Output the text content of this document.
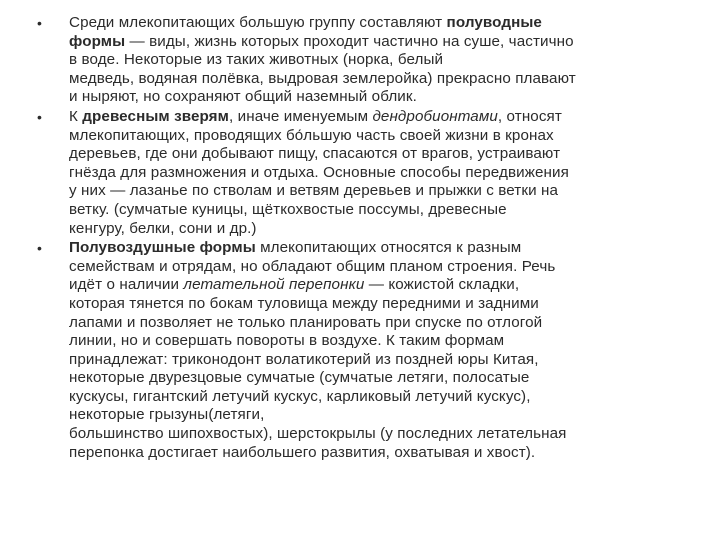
• Среди млекопитающих большую группу составляют полуводные
формы — виды, жизнь которых проходит частично на суше, частично
в воде. Некоторые из таких животных (норка, белый
медведь, водяная полёвка, выдровая землеройка) прекрасно плавают
и ныряют, но сохраняют общий наземный облик.
• К древесным зверям, иначе именуемым дендробионтами, относят
млекопитающих, проводящих бо́льшую часть своей жизни в кронах
деревьев, где они добывают пищу, спасаются от врагов, устраивают
гнёзда для размножения и отдыха. Основные способы передвижения
у них — лазанье по стволам и ветвям деревьев и прыжки с ветки на
ветку. (сумчатые куницы, щёткохвостые поссумы, древесные
кенгуру, белки, сони и др.)
• Полувоздушные формы млекопитающих относятся к разным
семействам и отрядам, но обладают общим планом строения. Речь
идёт о наличии летательной перепонки — кожистой складки,
которая тянется по бокам туловища между передними и задними
лапами и позволяет не только планировать при спуске по отлогой
линии, но и совершать повороты в воздухе. К таким формам
принадлежат: триконодонт волатикотерий из поздней юры Китая,
некоторые двурезцовые сумчатые (сумчатые летяги, полосатые
кускусы, гигантский летучий кускус, карликовый летучий кускус),
некоторые грызуны(летяги,
большинство шипохвостых), шерстокрылы (у последних летательная
перепонка достигает наибольшего развития, охватывая и хвост).
